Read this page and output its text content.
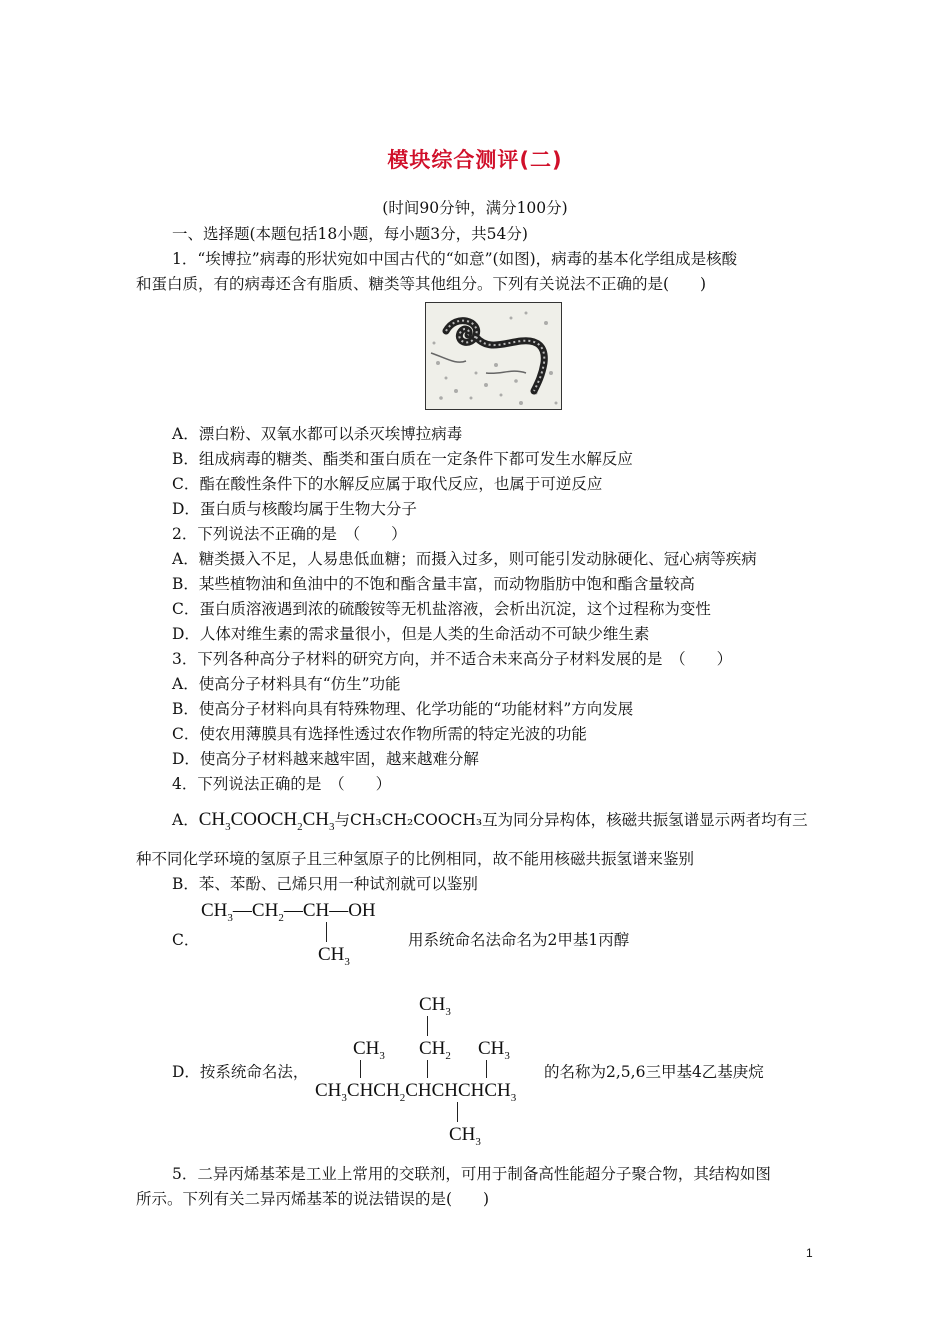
模块综合测评(二)
(时间90分钟，满分100分)
一、选择题(本题包括18小题，每小题3分，共54分)
1．“埃博拉”病毒的形状宛如中国古代的“如意”(如图)，病毒的基本化学组成是核酸
和蛋白质，有的病毒还含有脂质、糖类等其他组分。下列有关说法不正确的是(　　)
A．漂白粉、双氧水都可以杀灭埃博拉病毒
B．组成病毒的糖类、酯类和蛋白质在一定条件下都可发生水解反应
C．酯在酸性条件下的水解反应属于取代反应，也属于可逆反应
D．蛋白质与核酸均属于生物大分子
2．下列说法不正确的是　（　　）
A．糖类摄入不足，人易患低血糖；而摄入过多，则可能引发动脉硬化、冠心病等疾病
B．某些植物油和鱼油中的不饱和酯含量丰富，而动物脂肪中饱和酯含量较高
C．蛋白质溶液遇到浓的硫酸铵等无机盐溶液，会析出沉淀，这个过程称为变性
D．人体对维生素的需求量很小，但是人类的生命活动不可缺少维生素
3．下列各种高分子材料的研究方向，并不适合未来高分子材料发展的是　（　　）
A．使高分子材料具有“仿生”功能
B．使高分子材料向具有特殊物理、化学功能的“功能材料”方向发展
C．使农用薄膜具有选择性透过农作物所需的特定光波的功能
D．使高分子材料越来越牢固，越来越难分解
4．下列说法正确的是　（　　）
A．$CH_3COOCH_2CH_3$与CH₃CH₂COOCH₃互为同分异构体，核磁共振氢谱显示两者均有三
种不同化学环境的氢原子且三种氢原子的比例相同，故不能用核磁共振氢谱来鉴别
B．苯、苯酚、己烯只用一种试剂就可以鉴别
C．
$CH_3—CH_2—CH—OH$
$CH_3$
用系统命名法命名为2甲基1丙醇
D．按系统命名法，
$CH_3$
$CH_3$ $CH_2$ $CH_3$
$CH_3CHCH_2CHCHCHCH_3$
$CH_3$
的名称为2,5,6三甲基4乙基庚烷
5．二异丙烯基苯是工业上常用的交联剂，可用于制备高性能超分子聚合物，其结构如图
所示。下列有关二异丙烯基苯的说法错误的是(　　)
1
